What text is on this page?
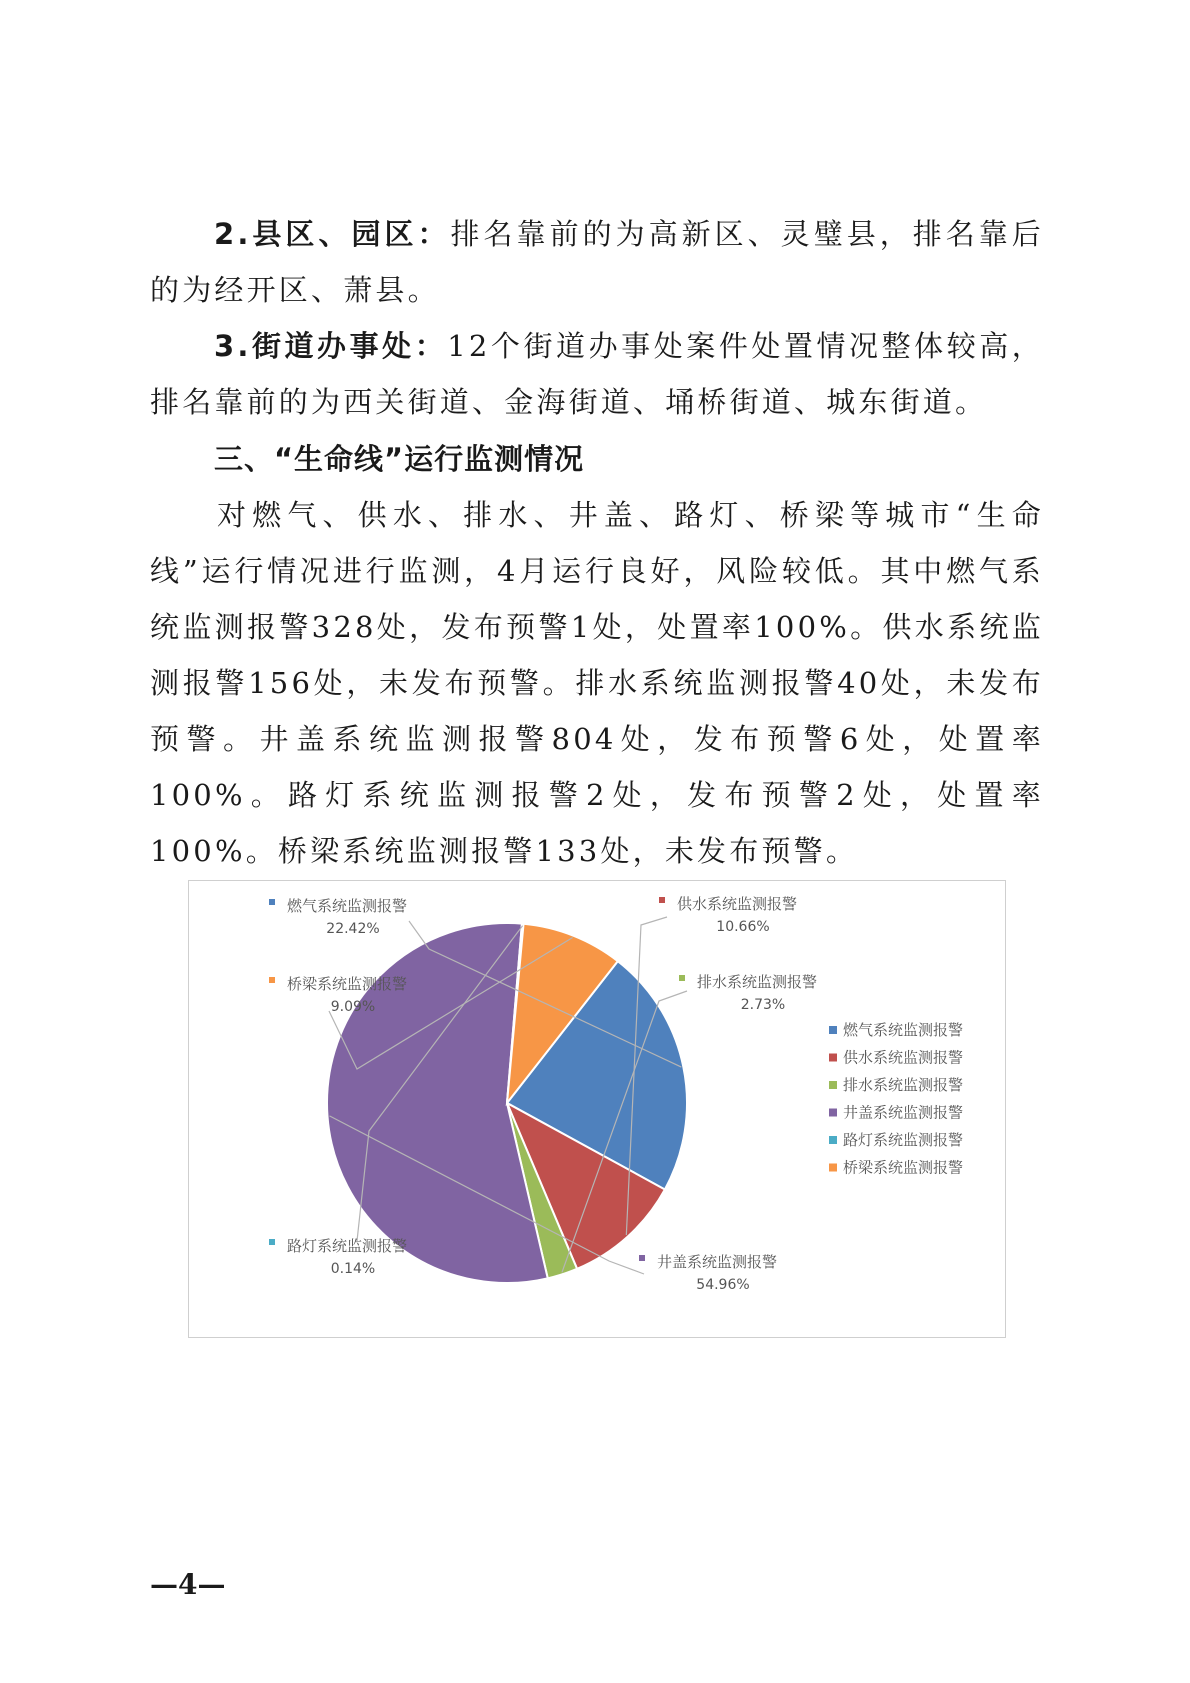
2.县区、园区：排名靠前的为高新区、灵璧县，排名靠后的为经开区、萧县。

3.街道办事处：12个街道办事处案件处置情况整体较高，排名靠前的为西关街道、金海街道、埇桥街道、城东街道。

三、“生命线”运行监测情况

对燃气、供水、排水、井盖、路灯、桥梁等城市“生命线”运行情况进行监测，4月运行良好，风险较低。其中燃气系统监测报警328处，发布预警1处，处置率100%。供水系统监测报警156处，未发布预警。排水系统监测报警40处，未发布预警。井盖系统监测报警804处，发布预警6处，处置率100%。路灯系统监测报警2处，发布预警2处，处置率100%。桥梁系统监测报警133处，未发布预警。

燃气系统监测报警
22.42%
供水系统监测报警
10.66%
排水系统监测报警
2.73%
井盖系统监测报警
54.96%
路灯系统监测报警
0.14%
桥梁系统监测报警
9.09%
燃气系统监测报警
供水系统监测报警
排水系统监测报警
井盖系统监测报警
路灯系统监测报警
桥梁系统监测报警
—4—
